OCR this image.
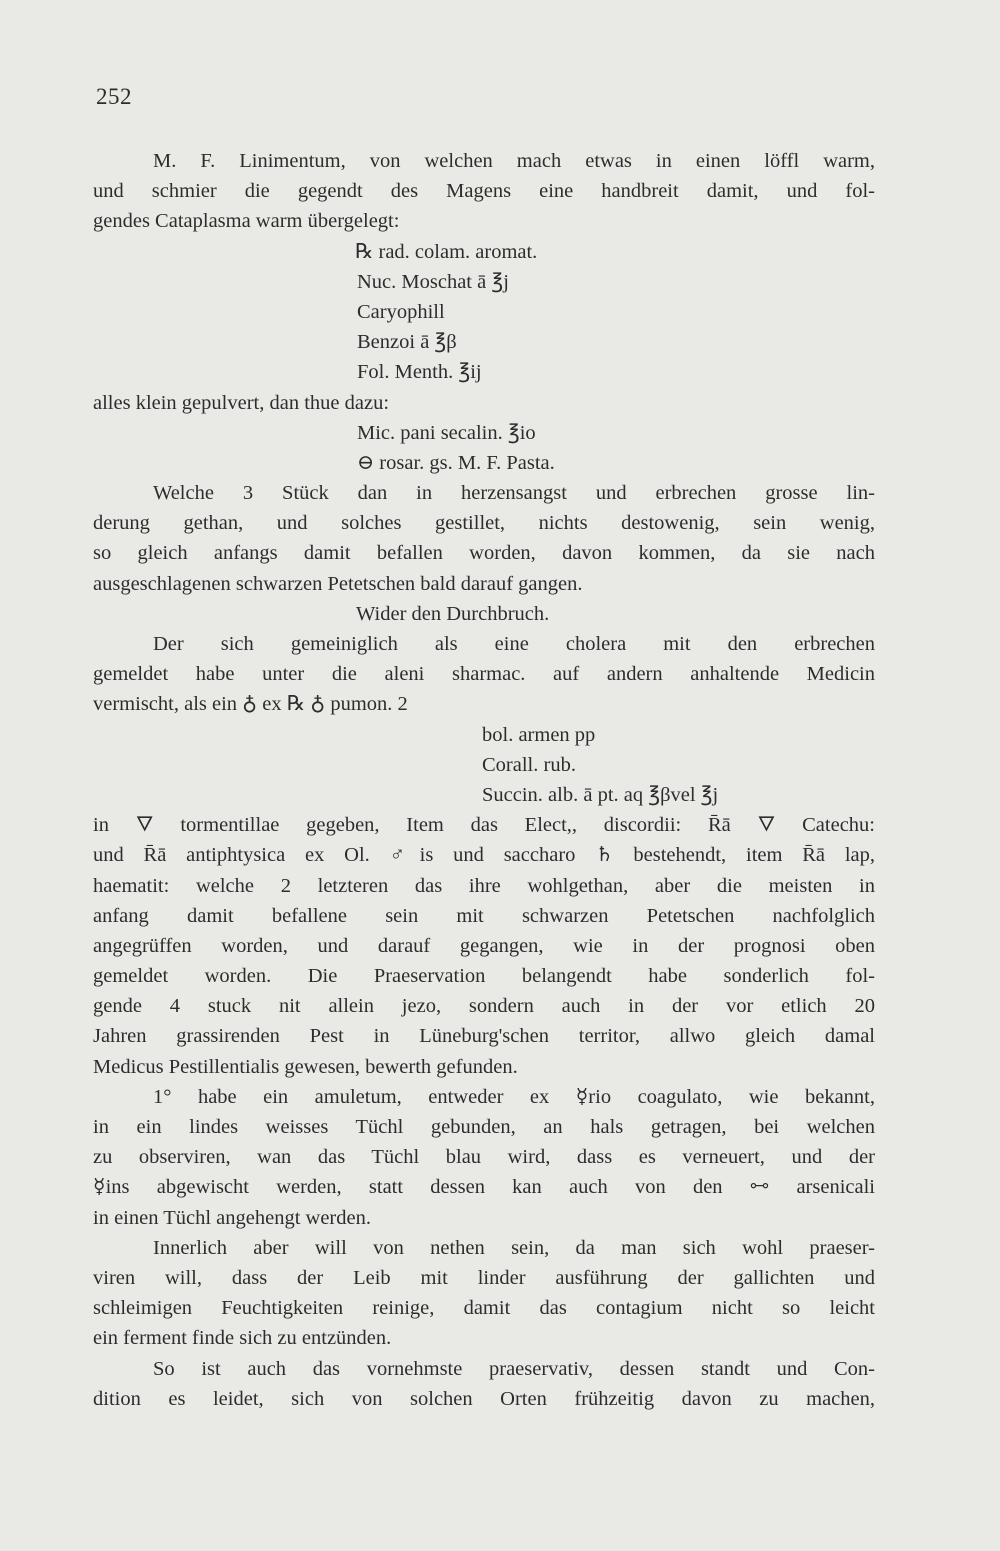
252
M. F. Linimentum, von welchen mach etwas in einen löffl warm,
und schmier die gegendt des Magens eine handbreit damit, und fol-
gendes Cataplasma warm übergelegt:
℞ rad. colam. aromat.
Nuc. Moschat ā ℥j
Caryophill
Benzoi ā ℥β
Fol. Menth. ℥ij
alles klein gepulvert, dan thue dazu:
Mic. pani secalin. ℥io
⊖ rosar. gs. M. F. Pasta.
Welche 3 Stück dan in herzensangst und erbrechen grosse lin-
derung gethan, und solches gestillet, nichts destowenig, sein wenig,
so gleich anfangs damit befallen worden, davon kommen, da sie nach
ausgeschlagenen schwarzen Petetschen bald darauf gangen.
Wider den Durchbruch.
Der sich gemeiniglich als eine cholera mit den erbrechen
gemeldet habe unter die aleni sharmac. auf andern anhaltende Medicin
vermischt, als ein ♁ ex ℞ ♁ pumon. 2
bol. armen pp
Corall. rub.
Succin. alb. ā pt. aq ℥βvel ℥j
in 🜄 tormentillae gegeben, Item das Elect,, discordii: R̄ā 🜄 Catechu:
und R̄ā antiphtysica ex Ol. ♂is und saccharo ♄ bestehendt, item R̄ā lap,
haematit: welche 2 letzteren das ihre wohlgethan, aber die meisten in
anfang damit befallene sein mit schwarzen Petetschen nachfolglich
angegrüffen worden, und darauf gegangen, wie in der prognosi oben
gemeldet worden. Die Praeservation belangendt habe sonderlich fol-
gende 4 stuck nit allein jezo, sondern auch in der vor etlich 20
Jahren grassirenden Pest in Lüneburg'schen territor, allwo gleich damal
Medicus Pestillentialis gewesen, bewerth gefunden.
1° habe ein amuletum, entweder ex ☿rio coagulato, wie bekannt,
in ein lindes weisses Tüchl gebunden, an hals getragen, bei welchen
zu observiren, wan das Tüchl blau wird, dass es verneuert, und der
☿ins abgewischt werden, statt dessen kan auch von den 🜺 arsenicali
in einen Tüchl angehengt werden.
Innerlich aber will von nethen sein, da man sich wohl praeser-
viren will, dass der Leib mit linder ausführung der gallichten und
schleimigen Feuchtigkeiten reinige, damit das contagium nicht so leicht
ein ferment finde sich zu entzünden.
So ist auch das vornehmste praeservativ, dessen standt und Con-
dition es leidet, sich von solchen Orten frühzeitig davon zu machen,
